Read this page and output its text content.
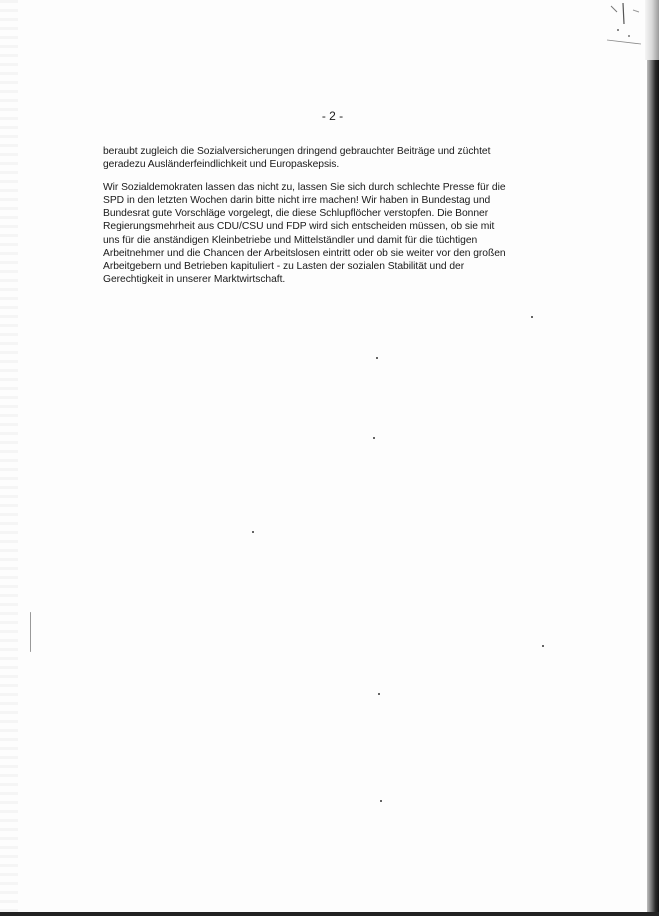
- 2 -
beraubt zugleich die Sozialversicherungen dringend gebrauchter Beiträge und züchtet
geradezu Ausländerfeindlichkeit und Europaskepsis.
Wir Sozialdemokraten lassen das nicht zu, lassen Sie sich durch schlechte Presse für die
SPD in den letzten Wochen darin bitte nicht irre machen! Wir haben in Bundestag und
Bundesrat gute Vorschläge vorgelegt, die diese Schlupflöcher verstopfen. Die Bonner
Regierungsmehrheit aus CDU/CSU und FDP wird sich entscheiden müssen, ob sie mit
uns für die anständigen Kleinbetriebe und Mittelständler und damit für die tüchtigen
Arbeitnehmer und die Chancen der Arbeitslosen eintritt oder ob sie weiter vor den großen
Arbeitgebern und Betrieben kapituliert - zu Lasten der sozialen Stabilität und der
Gerechtigkeit in unserer Marktwirtschaft.
